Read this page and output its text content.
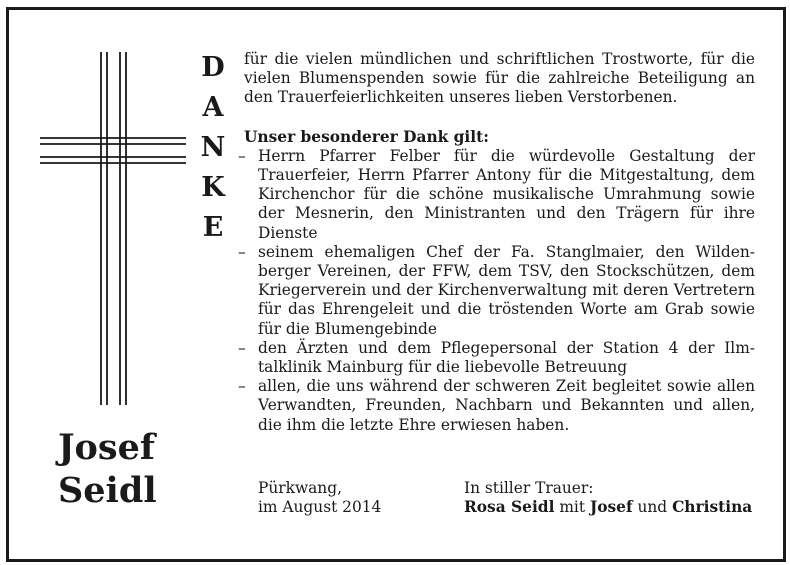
D
A
N
K
E
Josef
Seidl

für die vielen mündlichen und schriftlichen Trostworte, für die vielen Blumenspenden sowie für die zahlreiche Beteiligung an den Trauerfeierlichkeiten unseres lieben Verstorbenen.

Unser besonderer Dank gilt:

– Herrn Pfarrer Felber für die würdevolle Gestaltung der Trauerfeier, Herrn Pfarrer Antony für die Mitgestaltung, dem Kirchenchor für die schöne musikalische Umrahmung sowie der Mesnerin, den Ministranten und den Trägern für ihre Dienste
– seinem ehemaligen Chef der Fa. Stanglmaier, den Wildenberger Vereinen, der FFW, dem TSV, den Stockschützen, dem Kriegerverein und der Kirchenverwaltung mit deren Vertretern für das Ehrengeleit und die tröstenden Worte am Grab sowie für die Blumengebinde
– den Ärzten und dem Pflegepersonal der Station 4 der Ilmtalklinik Mainburg für die liebevolle Betreuung
– allen, die uns während der schweren Zeit begleitet sowie allen Verwandten, Freunden, Nachbarn und Bekannten und allen, die ihm die letzte Ehre erwiesen haben.
Pürkwang,
im August 2014
In stiller Trauer:
Rosa Seidl mit Josef und Christina
